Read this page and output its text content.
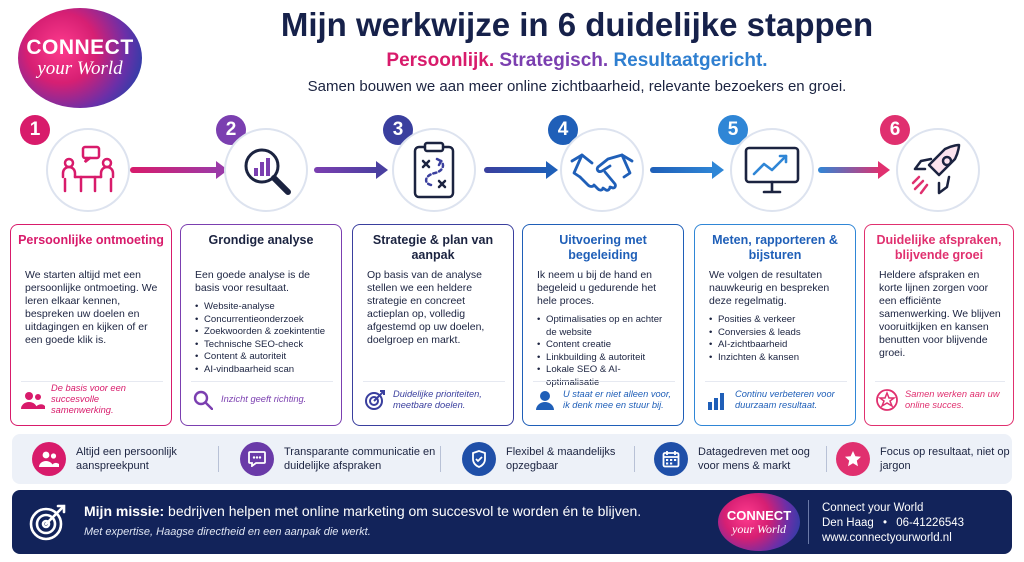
CONNECT
your World
Mijn werkwijze in 6 duidelijke stappen
Persoonlijk. Strategisch. Resultaatgericht.
Samen bouwen we aan meer online zichtbaarheid, relevante bezoekers en groei.
1	2	3	4	5	6
Persoonlijke ontmoeting
We starten altijd met een persoonlijke ontmoeting. We leren elkaar kennen, bespreken uw doelen en uitdagingen en kijken of er een goede klik is.
De basis voor een succesvolle samenwerking.
Grondige analyse
Een goede analyse is de basis voor resultaat.
• Website-analyse
• Concurrentieonderzoek
• Zoekwoorden & zoekintentie
• Technische SEO-check
• Content & autoriteit
• AI-vindbaarheid scan
Inzicht geeft richting.
Strategie & plan van aanpak
Op basis van de analyse stellen we een heldere strategie en concreet actieplan op, volledig afgestemd op uw doelen, doelgroep en markt.
Duidelijke prioriteiten, meetbare doelen.
Uitvoering met begeleiding
Ik neem u bij de hand en begeleid u gedurende het hele proces.
• Optimalisaties op en achter de website
• Content creatie
• Linkbuilding & autoriteit
• Lokale SEO & AI-optimalisatie
U staat er niet alleen voor, ik denk mee en stuur bij.
Meten, rapporteren & bijsturen
We volgen de resultaten nauwkeurig en bespreken deze regelmatig.
• Posities & verkeer
• Conversies & leads
• AI-zichtbaarheid
• Inzichten & kansen
Continu verbeteren voor duurzaam resultaat.
Duidelijke afspraken, blijvende groei
Heldere afspraken en korte lijnen zorgen voor een efficiënte samenwerking. We blijven vooruitkijken en kansen benutten voor blijvende groei.
Samen werken aan uw online succes.
Altijd een persoonlijk aanspreekpunt
Transparante communicatie en duidelijke afspraken
Flexibel & maandelijks opzegbaar
Datagedreven met oog voor mens & markt
Focus op resultaat, niet op jargon
Mijn missie: bedrijven helpen met online marketing om succesvol te worden én te blijven.
Met expertise, Haagse directheid en een aanpak die werkt.
CONNECT
your World
Connect your World
Den Haag • 06-41226543
www.connectyourworld.nl
